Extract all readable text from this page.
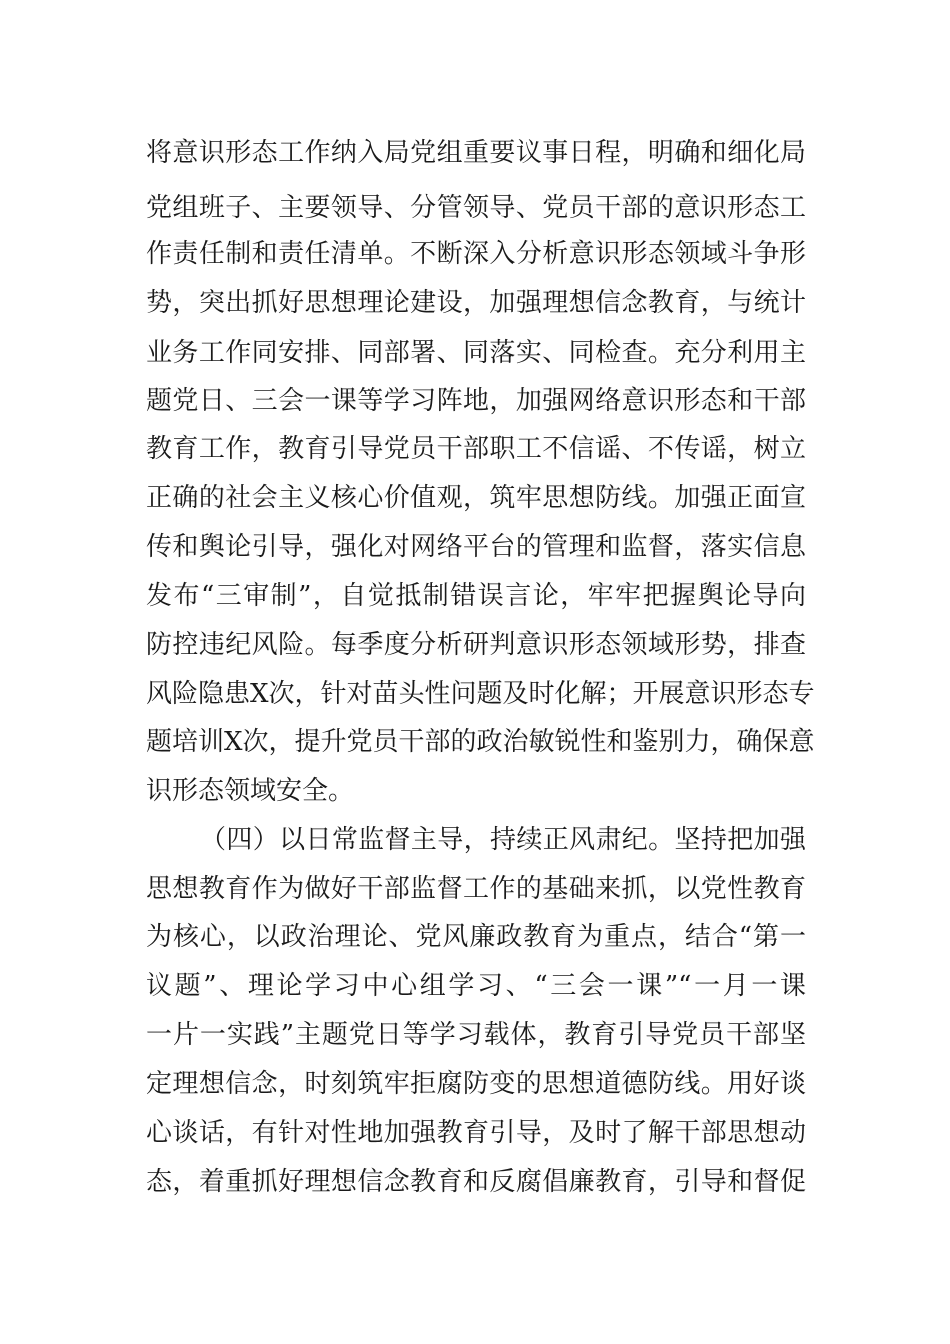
将意识形态工作纳入局党组重要议事日程，明确和细化局
党组班子、主要领导、分管领导、党员干部的意识形态工
作责任制和责任清单。不断深入分析意识形态领域斗争形
势，突出抓好思想理论建设，加强理想信念教育，与统计
业务工作同安排、同部署、同落实、同检查。充分利用主
题党日、三会一课等学习阵地，加强网络意识形态和干部
教育工作，教育引导党员干部职工不信谣、不传谣，树立
正确的社会主义核心价值观，筑牢思想防线。加强正面宣
传和舆论引导，强化对网络平台的管理和监督，落实信息
发布“三审制”，自觉抵制错误言论，牢牢把握舆论导向
防控违纪风险。每季度分析研判意识形态领域形势，排查
风险隐患X次，针对苗头性问题及时化解；开展意识形态专
题培训X次，提升党员干部的政治敏锐性和鉴别力，确保意
识形态领域安全。
（四）以日常监督主导，持续正风肃纪。坚持把加强
思想教育作为做好干部监督工作的基础来抓，以党性教育
为核心，以政治理论、党风廉政教育为重点，结合“第一
议题”、理论学习中心组学习、“三会一课”“一月一课
一片一实践”主题党日等学习载体，教育引导党员干部坚
定理想信念，时刻筑牢拒腐防变的思想道德防线。用好谈
心谈话，有针对性地加强教育引导，及时了解干部思想动
态，着重抓好理想信念教育和反腐倡廉教育，引导和督促
